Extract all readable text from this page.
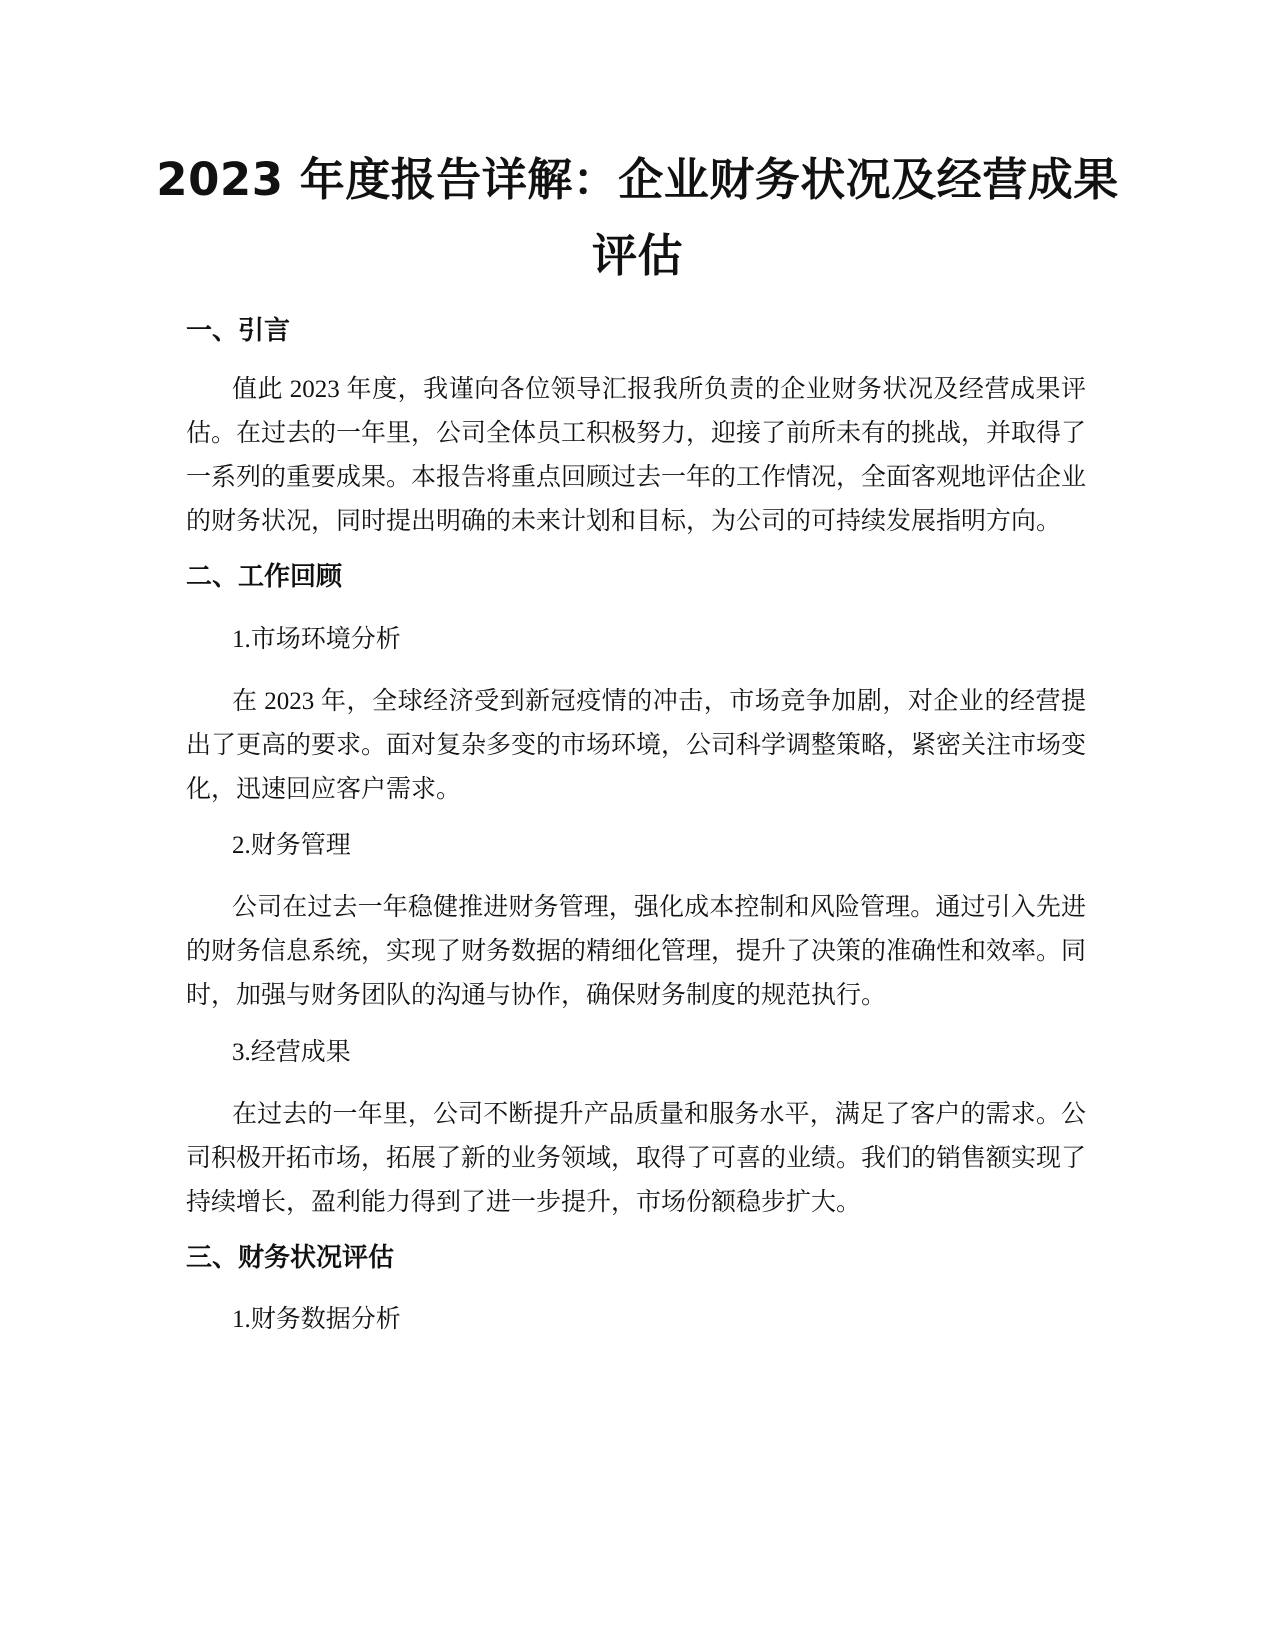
2023 年度报告详解：企业财务状况及经营成果评估
一、引言

值此 2023 年度，我谨向各位领导汇报我所负责的企业财务状况及经营成果评估。在过去的一年里，公司全体员工积极努力，迎接了前所未有的挑战，并取得了一系列的重要成果。本报告将重点回顾过去一年的工作情况，全面客观地评估企业的财务状况，同时提出明确的未来计划和目标，为公司的可持续发展指明方向。

二、工作回顾

1.市场环境分析

在 2023 年，全球经济受到新冠疫情的冲击，市场竞争加剧，对企业的经营提出了更高的要求。面对复杂多变的市场环境，公司科学调整策略，紧密关注市场变化，迅速回应客户需求。

2.财务管理

公司在过去一年稳健推进财务管理，强化成本控制和风险管理。通过引入先进的财务信息系统，实现了财务数据的精细化管理，提升了决策的准确性和效率。同时，加强与财务团队的沟通与协作，确保财务制度的规范执行。

3.经营成果

在过去的一年里，公司不断提升产品质量和服务水平，满足了客户的需求。公司积极开拓市场，拓展了新的业务领域，取得了可喜的业绩。我们的销售额实现了持续增长，盈利能力得到了进一步提升，市场份额稳步扩大。

三、财务状况评估

1.财务数据分析
